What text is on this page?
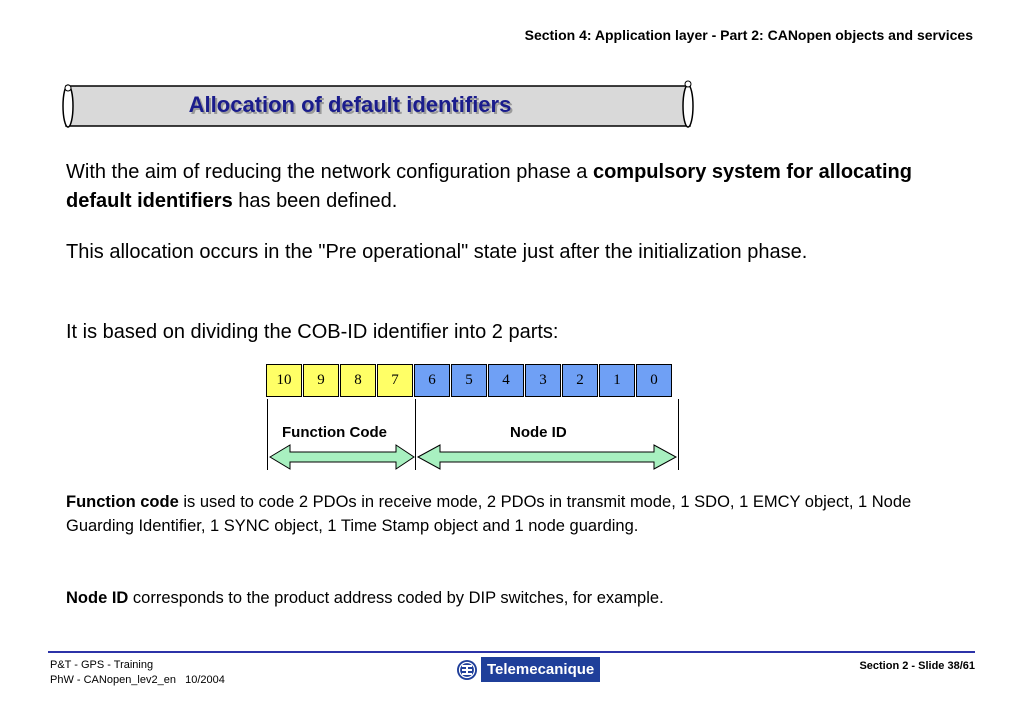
Section 4: Application layer - Part 2: CANopen objects and services
Allocation of default identifiers
With the aim of reducing the network configuration phase a compulsory system for allocating default identifiers has been defined.
This allocation occurs in the "Pre operational" state just after the initialization phase.
It is based on dividing the COB-ID identifier into 2 parts:
10	9	8	7	6	5	4	3	2	1	0
Function Code	Node ID
Function code is used to code 2 PDOs in receive mode, 2 PDOs in transmit mode, 1 SDO, 1 EMCY object, 1 Node Guarding Identifier, 1 SYNC object, 1 Time Stamp object and 1 node guarding.
Node ID corresponds to the product address coded by DIP switches, for example.
P&T - GPS - Training
PhW - CANopen_lev2_en   10/2004
Telemecanique	Section 2 - Slide 38/61
